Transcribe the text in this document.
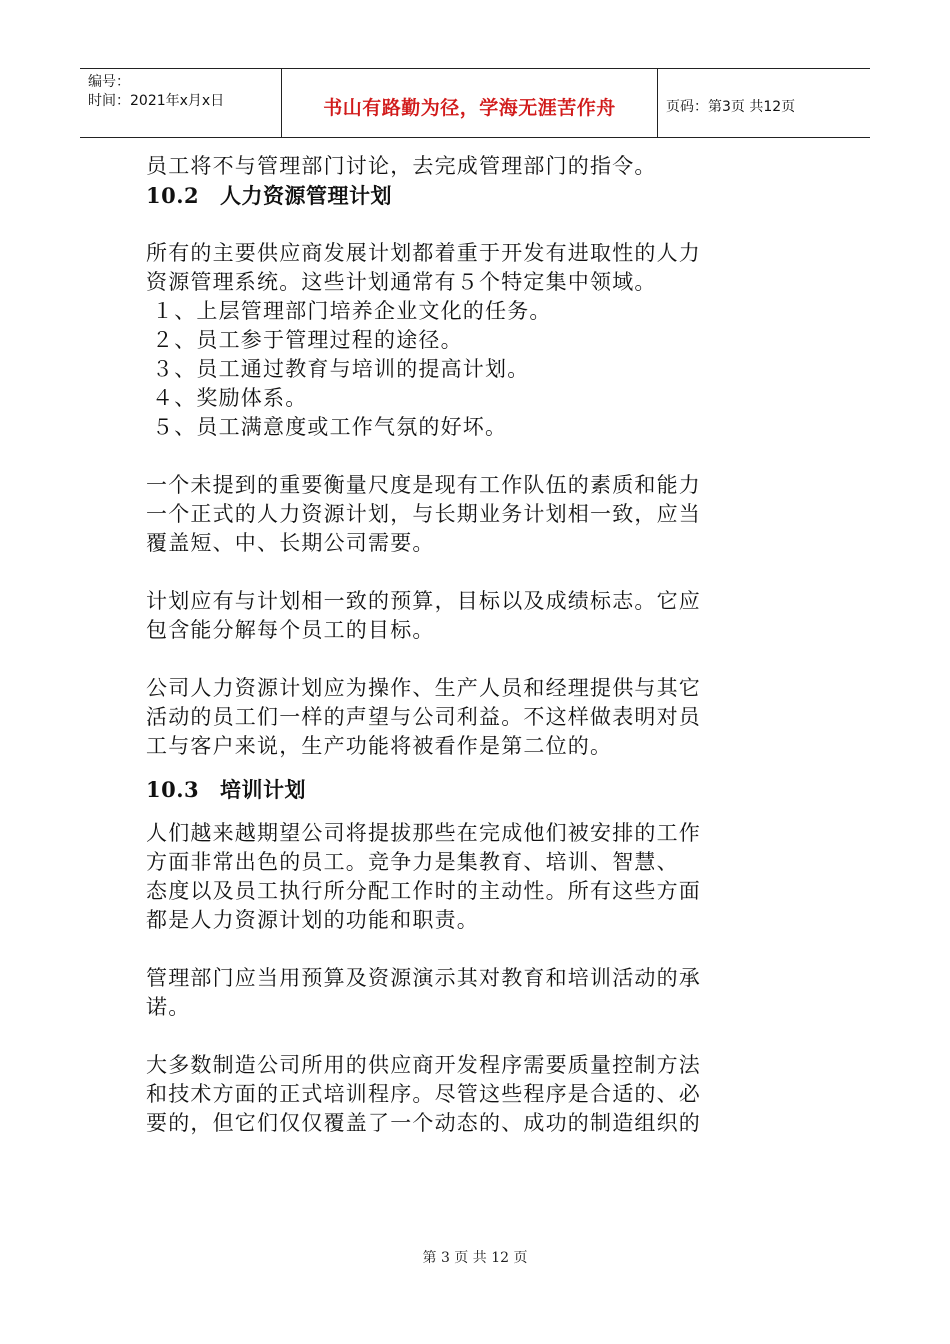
编号：
时间：2021年x月x日	书山有路勤为径，学海无涯苦作舟	页码：第3页 共12页

员工将不与管理部门讨论，去完成管理部门的指令。

10.2 人力资源管理计划

所有的主要供应商发展计划都着重于开发有进取性的人力

资源管理系统。这些计划通常有５个特定集中领域。

１、上层管理部门培养企业文化的任务。
２、员工参于管理过程的途径。
３、员工通过教育与培训的提高计划。
４、奖励体系。
５、员工满意度或工作气氛的好坏。

一个未提到的重要衡量尺度是现有工作队伍的素质和能力

一个正式的人力资源计划，与长期业务计划相一致，应当

覆盖短、中、长期公司需要。

计划应有与计划相一致的预算，目标以及成绩标志。它应

包含能分解每个员工的目标。

公司人力资源计划应为操作、生产人员和经理提供与其它

活动的员工们一样的声望与公司利益。不这样做表明对员

工与客户来说，生产功能将被看作是第二位的。

10.3 培训计划

人们越来越期望公司将提拔那些在完成他们被安排的工作

方面非常出色的员工。竞争力是集教育、培训、智慧、

态度以及员工执行所分配工作时的主动性。所有这些方面

都是人力资源计划的功能和职责。

管理部门应当用预算及资源演示其对教育和培训活动的承

诺。

大多数制造公司所用的供应商开发程序需要质量控制方法

和技术方面的正式培训程序。尽管这些程序是合适的、必

要的，但它们仅仅覆盖了一个动态的、成功的制造组织的

第 3 页 共 12 页
